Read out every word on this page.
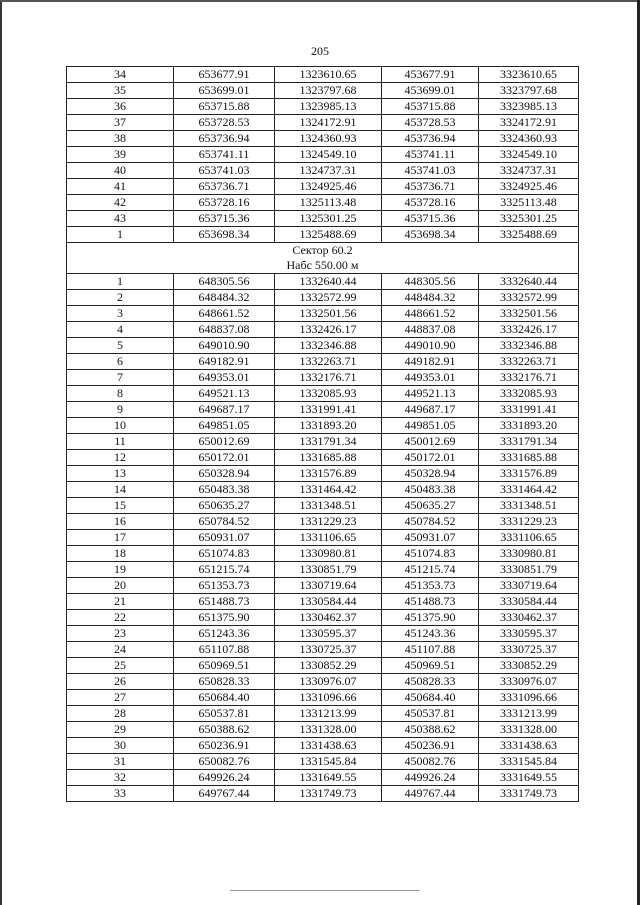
205
34	653677.91	1323610.65	453677.91	3323610.65
35	653699.01	1323797.68	453699.01	3323797.68
36	653715.88	1323985.13	453715.88	3323985.13
37	653728.53	1324172.91	453728.53	3324172.91
38	653736.94	1324360.93	453736.94	3324360.93
39	653741.11	1324549.10	453741.11	3324549.10
40	653741.03	1324737.31	453741.03	3324737.31
41	653736.71	1324925.46	453736.71	3324925.46
42	653728.16	1325113.48	453728.16	3325113.48
43	653715.36	1325301.25	453715.36	3325301.25
1	653698.34	1325488.69	453698.34	3325488.69

Сектор 60.2
Набс 550.00 м				

1	648305.56	1332640.44	448305.56	3332640.44
2	648484.32	1332572.99	448484.32	3332572.99
3	648661.52	1332501.56	448661.52	3332501.56
4	648837.08	1332426.17	448837.08	3332426.17
5	649010.90	1332346.88	449010.90	3332346.88
6	649182.91	1332263.71	449182.91	3332263.71
7	649353.01	1332176.71	449353.01	3332176.71
8	649521.13	1332085.93	449521.13	3332085.93
9	649687.17	1331991.41	449687.17	3331991.41
10	649851.05	1331893.20	449851.05	3331893.20
11	650012.69	1331791.34	450012.69	3331791.34
12	650172.01	1331685.88	450172.01	3331685.88
13	650328.94	1331576.89	450328.94	3331576.89
14	650483.38	1331464.42	450483.38	3331464.42
15	650635.27	1331348.51	450635.27	3331348.51
16	650784.52	1331229.23	450784.52	3331229.23
17	650931.07	1331106.65	450931.07	3331106.65
18	651074.83	1330980.81	451074.83	3330980.81
19	651215.74	1330851.79	451215.74	3330851.79
20	651353.73	1330719.64	451353.73	3330719.64
21	651488.73	1330584.44	451488.73	3330584.44
22	651375.90	1330462.37	451375.90	3330462.37
23	651243.36	1330595.37	451243.36	3330595.37
24	651107.88	1330725.37	451107.88	3330725.37
25	650969.51	1330852.29	450969.51	3330852.29
26	650828.33	1330976.07	450828.33	3330976.07
27	650684.40	1331096.66	450684.40	3331096.66
28	650537.81	1331213.99	450537.81	3331213.99
29	650388.62	1331328.00	450388.62	3331328.00
30	650236.91	1331438.63	450236.91	3331438.63
31	650082.76	1331545.84	450082.76	3331545.84
32	649926.24	1331649.55	449926.24	3331649.55
33	649767.44	1331749.73	449767.44	3331749.73
